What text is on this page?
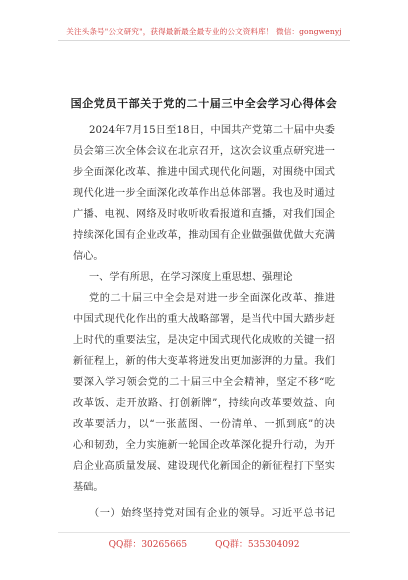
关注头条号"公文研究"，获得最新最全最专业的公文资料库！ 微信：gongwenyj
国企党员干部关于党的二十届三中全会学习心得体会
2024年7月15日至18日，中国共产党第二十届中央委
员会第三次全体会议在北京召开，这次会议重点研究进一
步全面深化改革、推进中国式现代化问题，对围绕中国式
现代化进一步全面深化改革作出总体部署。我也及时通过
广播、电视、网络及时收听收看报道和直播，对我们国企
持续深化国有企业改革，推动国有企业做强做优做大充满
信心。
一、学有所思，在学习深度上重思想、强理论
党的二十届三中全会是对进一步全面深化改革、推进
中国式现代化作出的重大战略部署，是当代中国大踏步赶
上时代的重要法宝，是决定中国式现代化成败的关键一招
新征程上，新的伟大变革将迸发出更加澎湃的力量。我们
要深入学习领会党的二十届三中全会精神，坚定不移“吃
改革饭、走开放路、打创新牌”，持续向改革要效益、向
改革要活力，以“一张蓝图、一份清单、一抓到底”的决
心和韧劲，全力实施新一轮国企改革深化提升行动，为开
启企业高质量发展、建设现代化新国企的新征程打下坚实
基础。
（一）始终坚持党对国有企业的领导。习近平总书记
QQ群：30265665	QQ群：535304092
